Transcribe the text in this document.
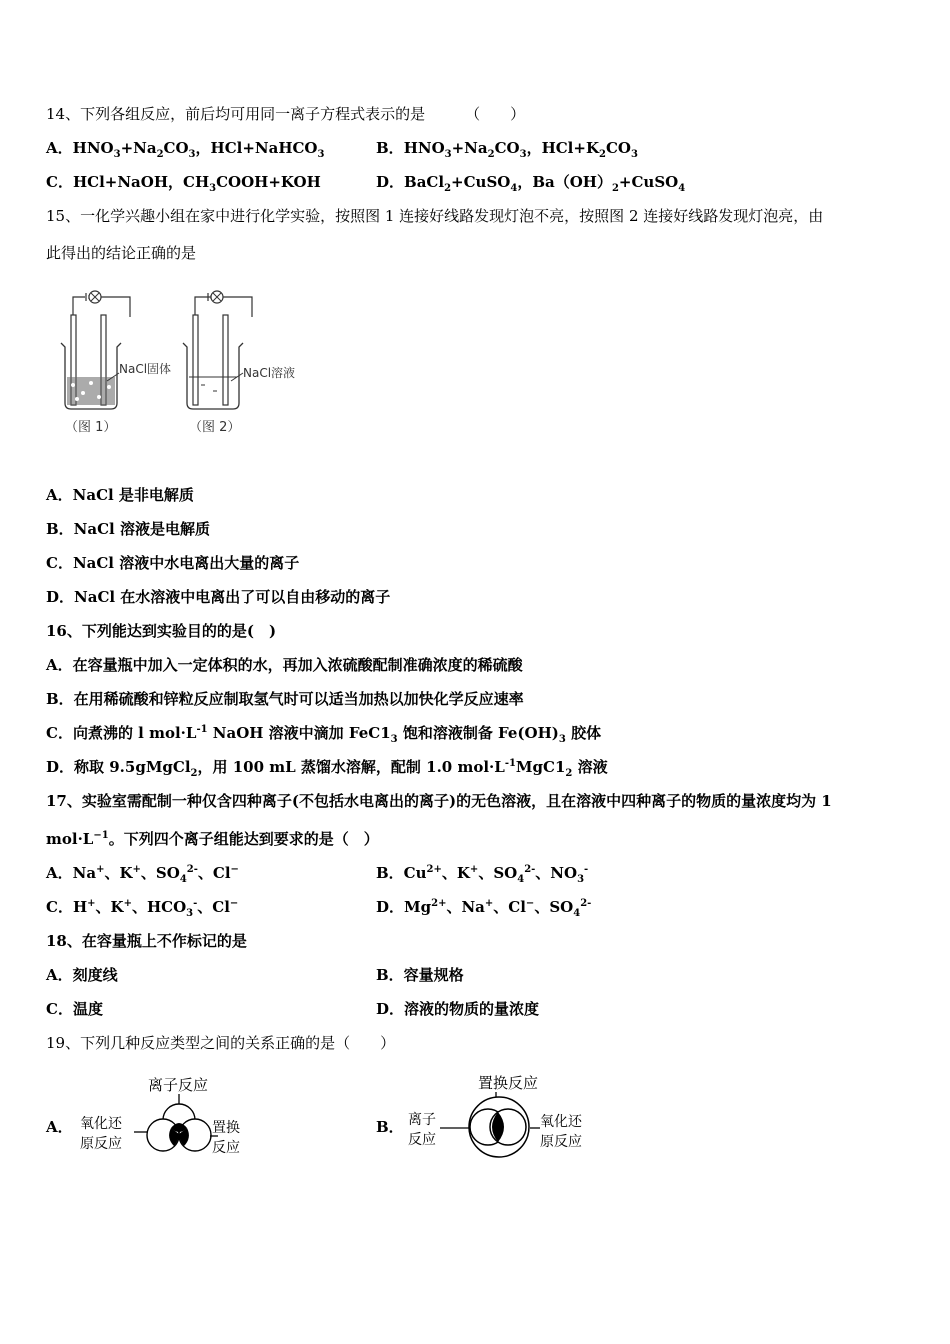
14、下列各组反应，前后均可用同一离子方程式表示的是	（　　）
A．$HNO_3+Na_2CO_3$，HCl+NaHCO$_3$	B．$HNO_3+Na_2CO_3$，$HCl+K_2CO_3$
C．HCl+NaOH，$CH_3COOH+KOH$	D．BaCl$_2$+CuSO$_4$，$Ba(OH)_2+CuSO_4$
15、一化学兴趣小组在家中进行化学实验，按照图 1 连接好线路发现灯泡不亮，按照图 2 连接好线路发现灯泡亮，由
此得出的结论正确的是
NaCl固体
（图 1）
NaCl溶液
（图 2）
A．NaCl 是非电解质
B．NaCl 溶液是电解质
C．NaCl 溶液中水电离出大量的离子
D．NaCl 在水溶液中电离出了可以自由移动的离子
16、下列能达到实验目的的是(　)
A．在容量瓶中加入一定体积的水，再加入浓硫酸配制准确浓度的稀硫酸
B．在用稀硫酸和锌粒反应制取氢气时可以适当加热以加快化学反应速率
C．向煮沸的 l $mol\cdot L^{-1}$ NaOH 溶液中滴加 $FeC1_3$ 饱和溶液制备 $Fe(OH)_3$ 胶体
D．称取 9.5gMgCl$_2$，用 100 mL 蒸馏水溶解，配制 1.0 $mol\cdot L^{-1}MgC1_2$ 溶液
17、实验室需配制一种仅含四种离子(不包括水电离出的离子)的无色溶液，且在溶液中四种离子的物质的量浓度均为 1
$mol\cdot L^{-1}$。下列四个离子组能达到要求的是（　）
A．Na+、K+、$SO_4^{2-}$、Cl−	B．$Cu^{2+}$、K+、$SO_4^{2-}$、$NO_3^-$
C．H+、K+、$HCO_3^-$、Cl−	D．$Mg^{2+}$、Na+、Cl−、$SO_4^{2-}$
18、在容量瓶上不作标记的是
A．刻度线	B．容量规格
C．温度	D．溶液的物质的量浓度
19、下列几种反应类型之间的关系正确的是（　　）
A．
离子反应
氧化还
原反应
置换
反应
B．
置换反应
离子
反应
氧化还
原反应
